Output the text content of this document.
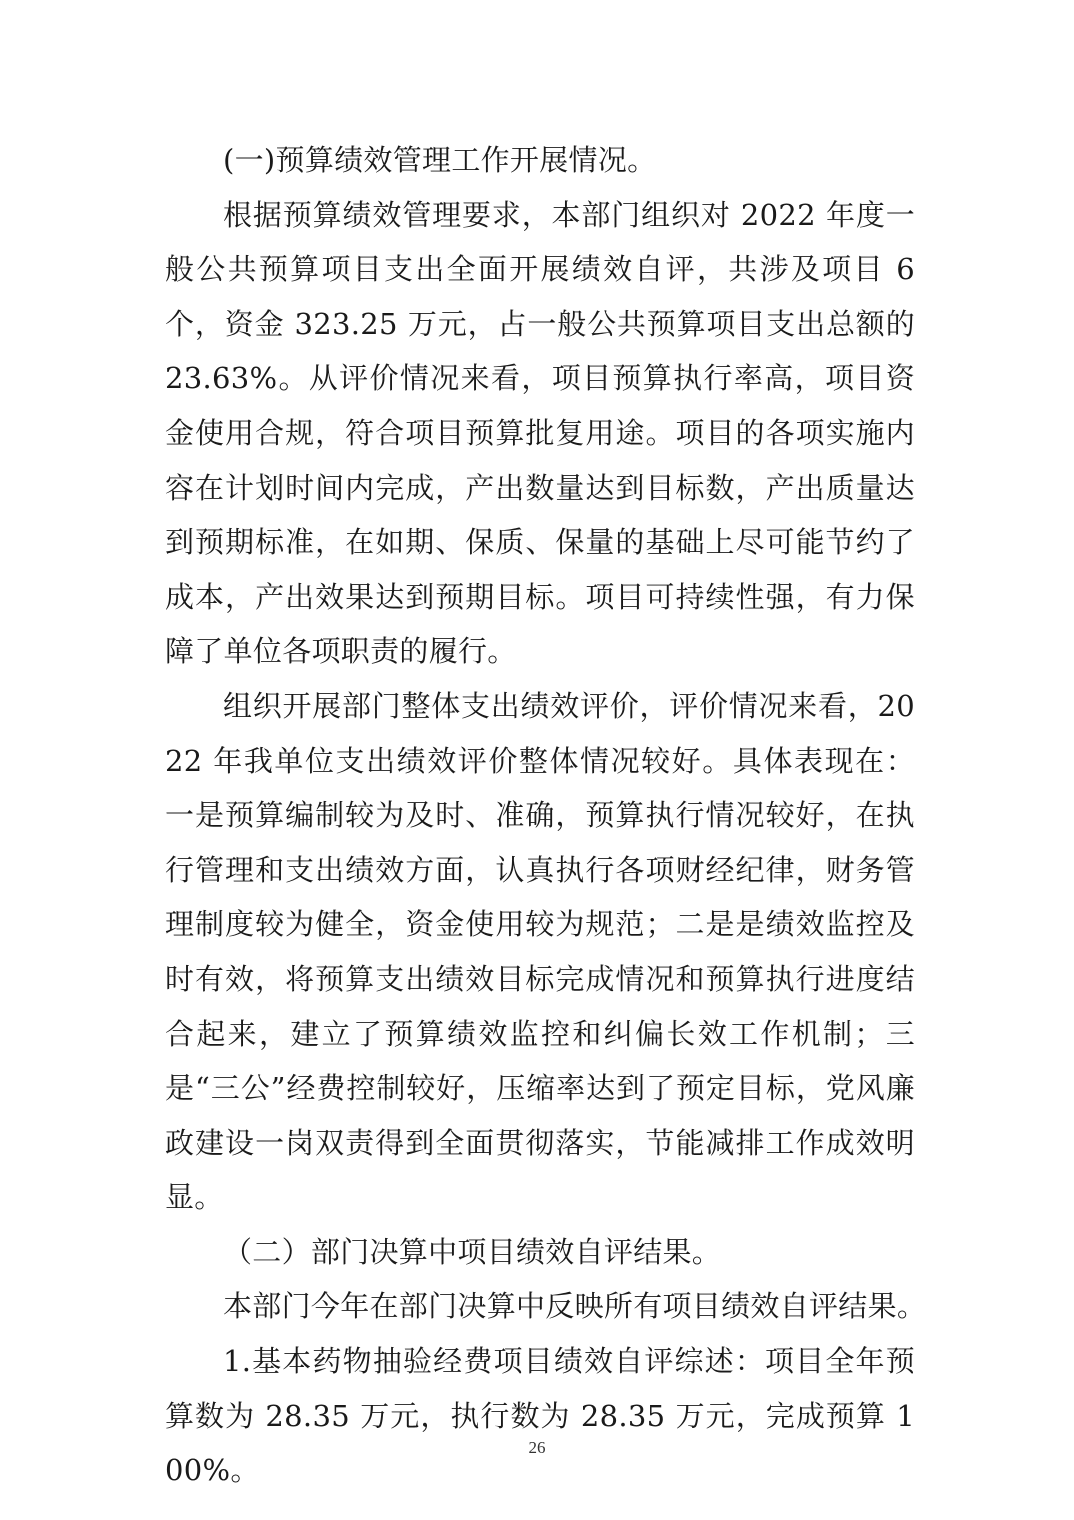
(一)预算绩效管理工作开展情况。

根据预算绩效管理要求，本部门组织对 2022 年度一般公共预算项目支出全面开展绩效自评，共涉及项目 6 个，资金 323.25 万元，占一般公共预算项目支出总额的 23.63%。从评价情况来看，项目预算执行率高，项目资金使用合规，符合项目预算批复用途。项目的各项实施内容在计划时间内完成，产出数量达到目标数，产出质量达到预期标准，在如期、保质、保量的基础上尽可能节约了成本，产出效果达到预期目标。项目可持续性强，有力保障了单位各项职责的履行。

组织开展部门整体支出绩效评价，评价情况来看，2022 年我单位支出绩效评价整体情况较好。具体表现在：一是预算编制较为及时、准确，预算执行情况较好，在执行管理和支出绩效方面，认真执行各项财经纪律，财务管理制度较为健全，资金使用较为规范；二是是绩效监控及时有效，将预算支出绩效目标完成情况和预算执行进度结合起来，建立了预算绩效监控和纠偏长效工作机制；三是“三公”经费控制较好，压缩率达到了预定目标，党风廉政建设一岗双责得到全面贯彻落实，节能减排工作成效明显。

（二）部门决算中项目绩效自评结果。

本部门今年在部门决算中反映所有项目绩效自评结果。

1.基本药物抽验经费项目绩效自评综述：项目全年预算数为 28.35 万元，执行数为 28.35 万元，完成预算 100%。

26
